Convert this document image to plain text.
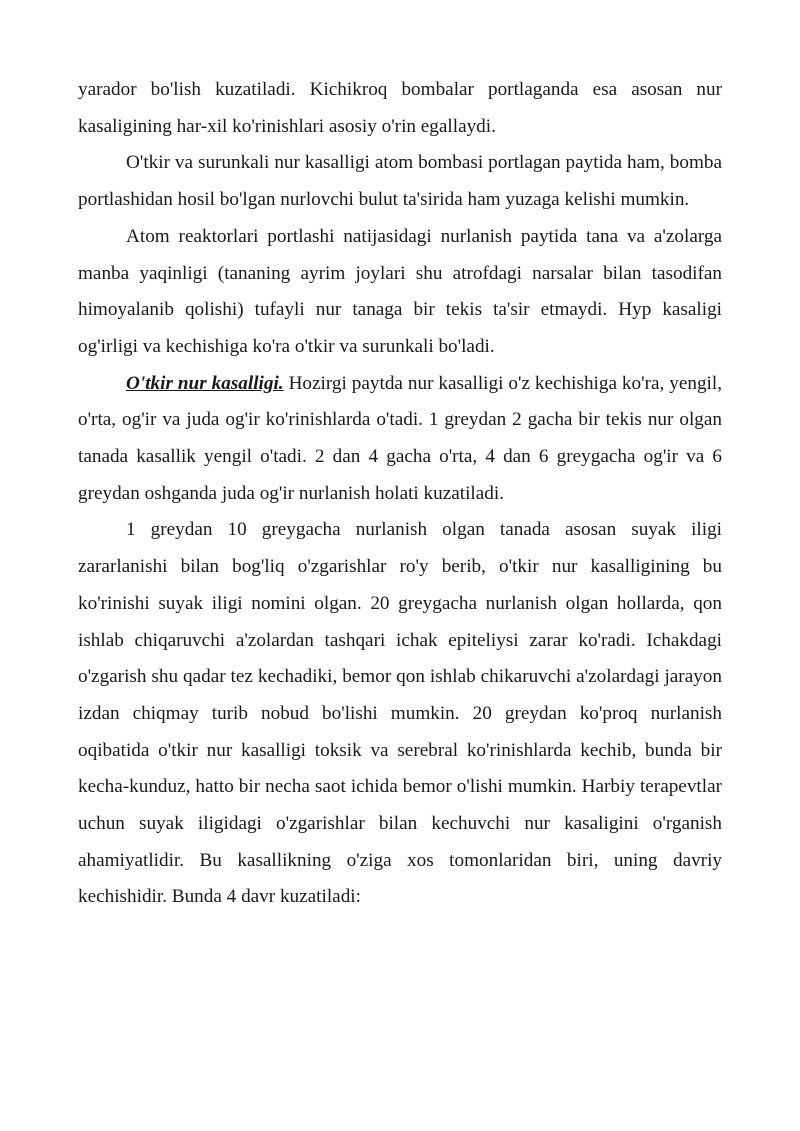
yarador bo'lish kuzatiladi. Kichikroq bombalar portlaganda esa asosan nur kasaligining har-xil ko'rinishlari asosiy o'rin egallaydi.

O'tkir va surunkali nur kasalligi atom bombasi portlagan paytida ham, bomba portlashidan hosil bo'lgan nurlovchi bulut ta'sirida ham yuzaga kelishi mumkin.

Atom reaktorlari portlashi natijasidagi nurlanish paytida tana va a'zolarga manba yaqinligi (tananing ayrim joylari shu atrofdagi narsalar bilan tasodifan himoyalanib qolishi) tufayli nur tanaga bir tekis ta'sir etmaydi. Hyp kasaligi og'irligi va kechishiga ko'ra o'tkir va surunkali bo'ladi.

O'tkir nur kasalligi. Hozirgi paytda nur kasalligi o'z kechishiga ko'ra, yengil, o'rta, og'ir va juda og'ir ko'rinishlarda o'tadi. 1 greydan 2 gacha bir tekis nur olgan tanada kasallik yengil o'tadi. 2 dan 4 gacha o'rta, 4 dan 6 greygacha og'ir va 6 greydan oshganda juda og'ir nurlanish holati kuzatiladi.

1 greydan 10 greygacha nurlanish olgan tanada asosan suyak iligi zararlanishi bilan bog'liq o'zgarishlar ro'y berib, o'tkir nur kasalligining bu ko'rinishi suyak iligi nomini olgan. 20 greygacha nurlanish olgan hollarda, qon ishlab chiqaruvchi a'zolardan tashqari ichak epiteliysi zarar ko'radi. Ichakdagi o'zgarish shu qadar tez kechadiki, bemor qon ishlab chikaruvchi a'zolardagi jarayon izdan chiqmay turib nobud bo'lishi mumkin. 20 greydan ko'proq nurlanish oqibatida o'tkir nur kasalligi toksik va serebral ko'rinishlarda kechib, bunda bir kecha-kunduz, hatto bir necha saot ichida bemor o'lishi mumkin. Harbiy terapevtlar uchun suyak iligidagi o'zgarishlar bilan kechuvchi nur kasaligini o'rganish ahamiyatlidir. Bu kasallikning o'ziga xos tomonlaridan biri, uning davriy kechishidir. Bunda 4 davr kuzatiladi:
